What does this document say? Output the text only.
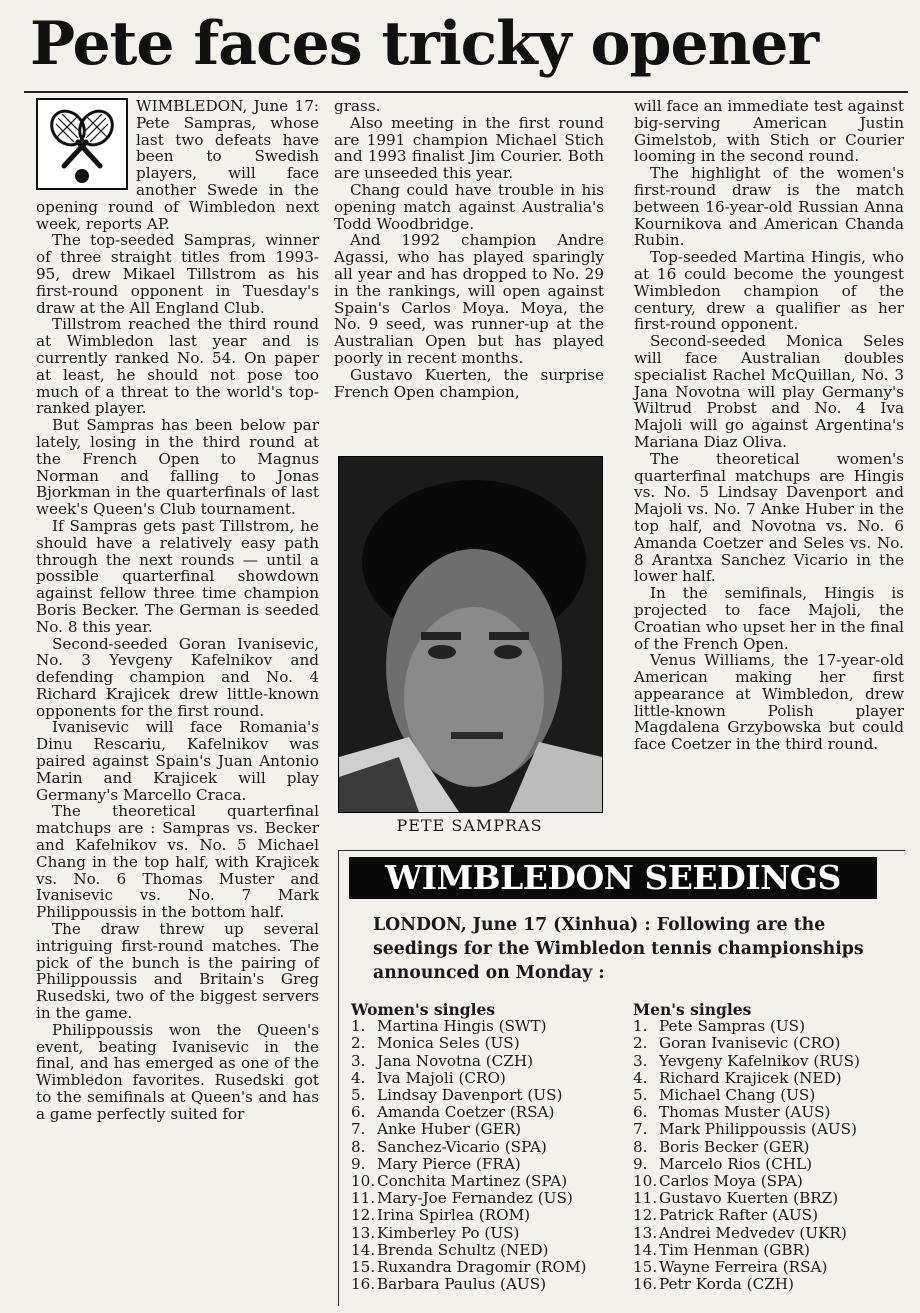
Pete faces tricky opener

WIMBLEDON, June 17: Pete Sampras, whose last two defeats have been to Swedish players, will face another Swede in the opening round of Wimbledon next week, reports AP.

The top-seeded Sampras, winner of three straight titles from 1993-95, drew Mikael Tillstrom as his first-round opponent in Tuesday's draw at the All England Club.

Tillstrom reached the third round at Wimbledon last year and is currently ranked No. 54. On paper at least, he should not pose too much of a threat to the world's top-ranked player.

But Sampras has been below par lately, losing in the third round at the French Open to Magnus Norman and falling to Jonas Bjorkman in the quarterfinals of last week's Queen's Club tournament.

If Sampras gets past Tillstrom, he should have a relatively easy path through the next rounds — until a possible quarterfinal showdown against fellow three time champion Boris Becker. The German is seeded No. 8 this year.

Second-seeded Goran Ivanisevic, No. 3 Yevgeny Kafelnikov and defending champion and No. 4 Richard Krajicek drew little-known opponents for the first round.

Ivanisevic will face Romania's Dinu Rescariu, Kafelnikov was paired against Spain's Juan Antonio Marin and Krajicek will play Germany's Marcello Craca.

The theoretical quarterfinal matchups are : Sampras vs. Becker and Kafelnikov vs. No. 5 Michael Chang in the top half, with Krajicek vs. No. 6 Thomas Muster and Ivanisevic vs. No. 7 Mark Philippoussis in the bottom half.

The draw threw up several intriguing first-round matches. The pick of the bunch is the pairing of Philippoussis and Britain's Greg Rusedski, two of the biggest servers in the game.

Philippoussis won the Queen's event, beating Ivanisevic in the final, and has emerged as one of the Wimbledon favorites. Rusedski got to the semifinals at Queen's and has a game perfectly suited for

grass.

Also meeting in the first round are 1991 champion Michael Stich and 1993 finalist Jim Courier. Both are unseeded this year.

Chang could have trouble in his opening match against Australia's Todd Woodbridge.

And 1992 champion Andre Agassi, who has played sparingly all year and has dropped to No. 29 in the rankings, will open against Spain's Carlos Moya. Moya, the No. 9 seed, was runner-up at the Australian Open but has played poorly in recent months.

Gustavo Kuerten, the surprise French Open champion,

PETE SAMPRAS

will face an immediate test against big-serving American Justin Gimelstob, with Stich or Courier looming in the second round.

The highlight of the women's first-round draw is the match between 16-year-old Russian Anna Kournikova and American Chanda Rubin.

Top-seeded Martina Hingis, who at 16 could become the youngest Wimbledon champion of the century, drew a qualifier as her first-round opponent.

Second-seeded Monica Seles will face Australian doubles specialist Rachel McQuillan, No. 3 Jana Novotna will play Germany's Wiltrud Probst and No. 4 Iva Majoli will go against Argentina's Mariana Diaz Oliva.

The theoretical women's quarterfinal matchups are Hingis vs. No. 5 Lindsay Davenport and Majoli vs. No. 7 Anke Huber in the top half, and Novotna vs. No. 6 Amanda Coetzer and Seles vs. No. 8 Arantxa Sanchez Vicario in the lower half.

In the semifinals, Hingis is projected to face Majoli, the Croatian who upset her in the final of the French Open.

Venus Williams, the 17-year-old American making her first appearance at Wimbledon, drew little-known Polish player Magdalena Grzybowska but could face Coetzer in the third round.

WIMBLEDON SEEDINGS

LONDON, June 17 (Xinhua) : Following are the seedings for the Wimbledon tennis championships announced on Monday :

Women's singles
1. Martina Hingis (SWT)
2. Monica Seles (US)
3. Jana Novotna (CZH)
4. Iva Majoli (CRO)
5. Lindsay Davenport (US)
6. Amanda Coetzer (RSA)
7. Anke Huber (GER)
8. Sanchez-Vicario (SPA)
9. Mary Pierce (FRA)
10. Conchita Martinez (SPA)
11. Mary-Joe Fernandez (US)
12. Irina Spirlea (ROM)
13. Kimberley Po (US)
14. Brenda Schultz (NED)
15. Ruxandra Dragomir (ROM)
16. Barbara Paulus (AUS)
Men's singles
1. Pete Sampras (US)
2. Goran Ivanisevic (CRO)
3. Yevgeny Kafelnikov (RUS)
4. Richard Krajicek (NED)
5. Michael Chang (US)
6. Thomas Muster (AUS)
7. Mark Philippoussis (AUS)
8. Boris Becker (GER)
9. Marcelo Rios (CHL)
10. Carlos Moya (SPA)
11. Gustavo Kuerten (BRZ)
12. Patrick Rafter (AUS)
13. Andrei Medvedev (UKR)
14. Tim Henman (GBR)
15. Wayne Ferreira (RSA)
16. Petr Korda (CZH)
